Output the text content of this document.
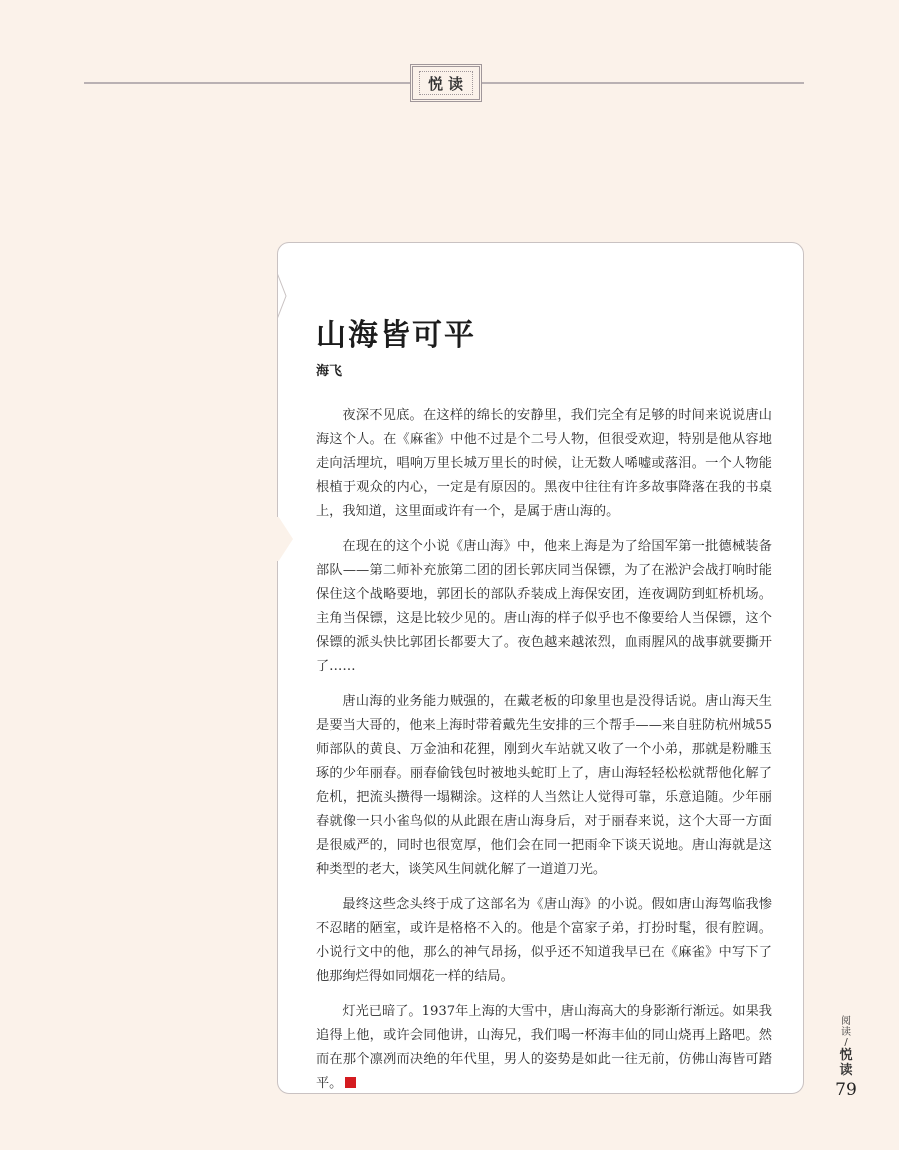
悦读
山海皆可平
海飞

夜深不见底。在这样的绵长的安静里，我们完全有足够的时间来说说唐山海这个人。在《麻雀》中他不过是个二号人物，但很受欢迎，特别是他从容地走向活埋坑，唱响万里长城万里长的时候，让无数人唏嘘或落泪。一个人物能根植于观众的内心，一定是有原因的。黑夜中往往有许多故事降落在我的书桌上，我知道，这里面或许有一个，是属于唐山海的。

在现在的这个小说《唐山海》中，他来上海是为了给国军第一批德械装备部队——第二师补充旅第二团的团长郭庆同当保镖，为了在淞沪会战打响时能保住这个战略要地，郭团长的部队乔装成上海保安团，连夜调防到虹桥机场。主角当保镖，这是比较少见的。唐山海的样子似乎也不像要给人当保镖，这个保镖的派头快比郭团长都要大了。夜色越来越浓烈，血雨腥风的战事就要撕开了……

唐山海的业务能力贼强的，在戴老板的印象里也是没得话说。唐山海天生是要当大哥的，他来上海时带着戴先生安排的三个帮手——来自驻防杭州城55师部队的黄良、万金油和花狸，刚到火车站就又收了一个小弟，那就是粉雕玉琢的少年丽春。丽春偷钱包时被地头蛇盯上了，唐山海轻轻松松就帮他化解了危机，把流头攒得一塌糊涂。这样的人当然让人觉得可靠，乐意追随。少年丽春就像一只小雀鸟似的从此跟在唐山海身后，对于丽春来说，这个大哥一方面是很威严的，同时也很宽厚，他们会在同一把雨伞下谈天说地。唐山海就是这种类型的老大，谈笑风生间就化解了一道道刀光。

最终这些念头终于成了这部名为《唐山海》的小说。假如唐山海驾临我惨不忍睹的陋室，或许是格格不入的。他是个富家子弟，打扮时髦，很有腔调。小说行文中的他，那么的神气昂扬，似乎还不知道我早已在《麻雀》中写下了他那绚烂得如同烟花一样的结局。

灯光已暗了。1937年上海的大雪中，唐山海高大的身影渐行渐远。如果我追得上他，或许会同他讲，山海兄，我们喝一杯海丰仙的同山烧再上路吧。然而在那个凛冽而决绝的年代里，男人的姿势是如此一往无前，仿佛山海皆可踏平。

阅读
/
悦读
79
